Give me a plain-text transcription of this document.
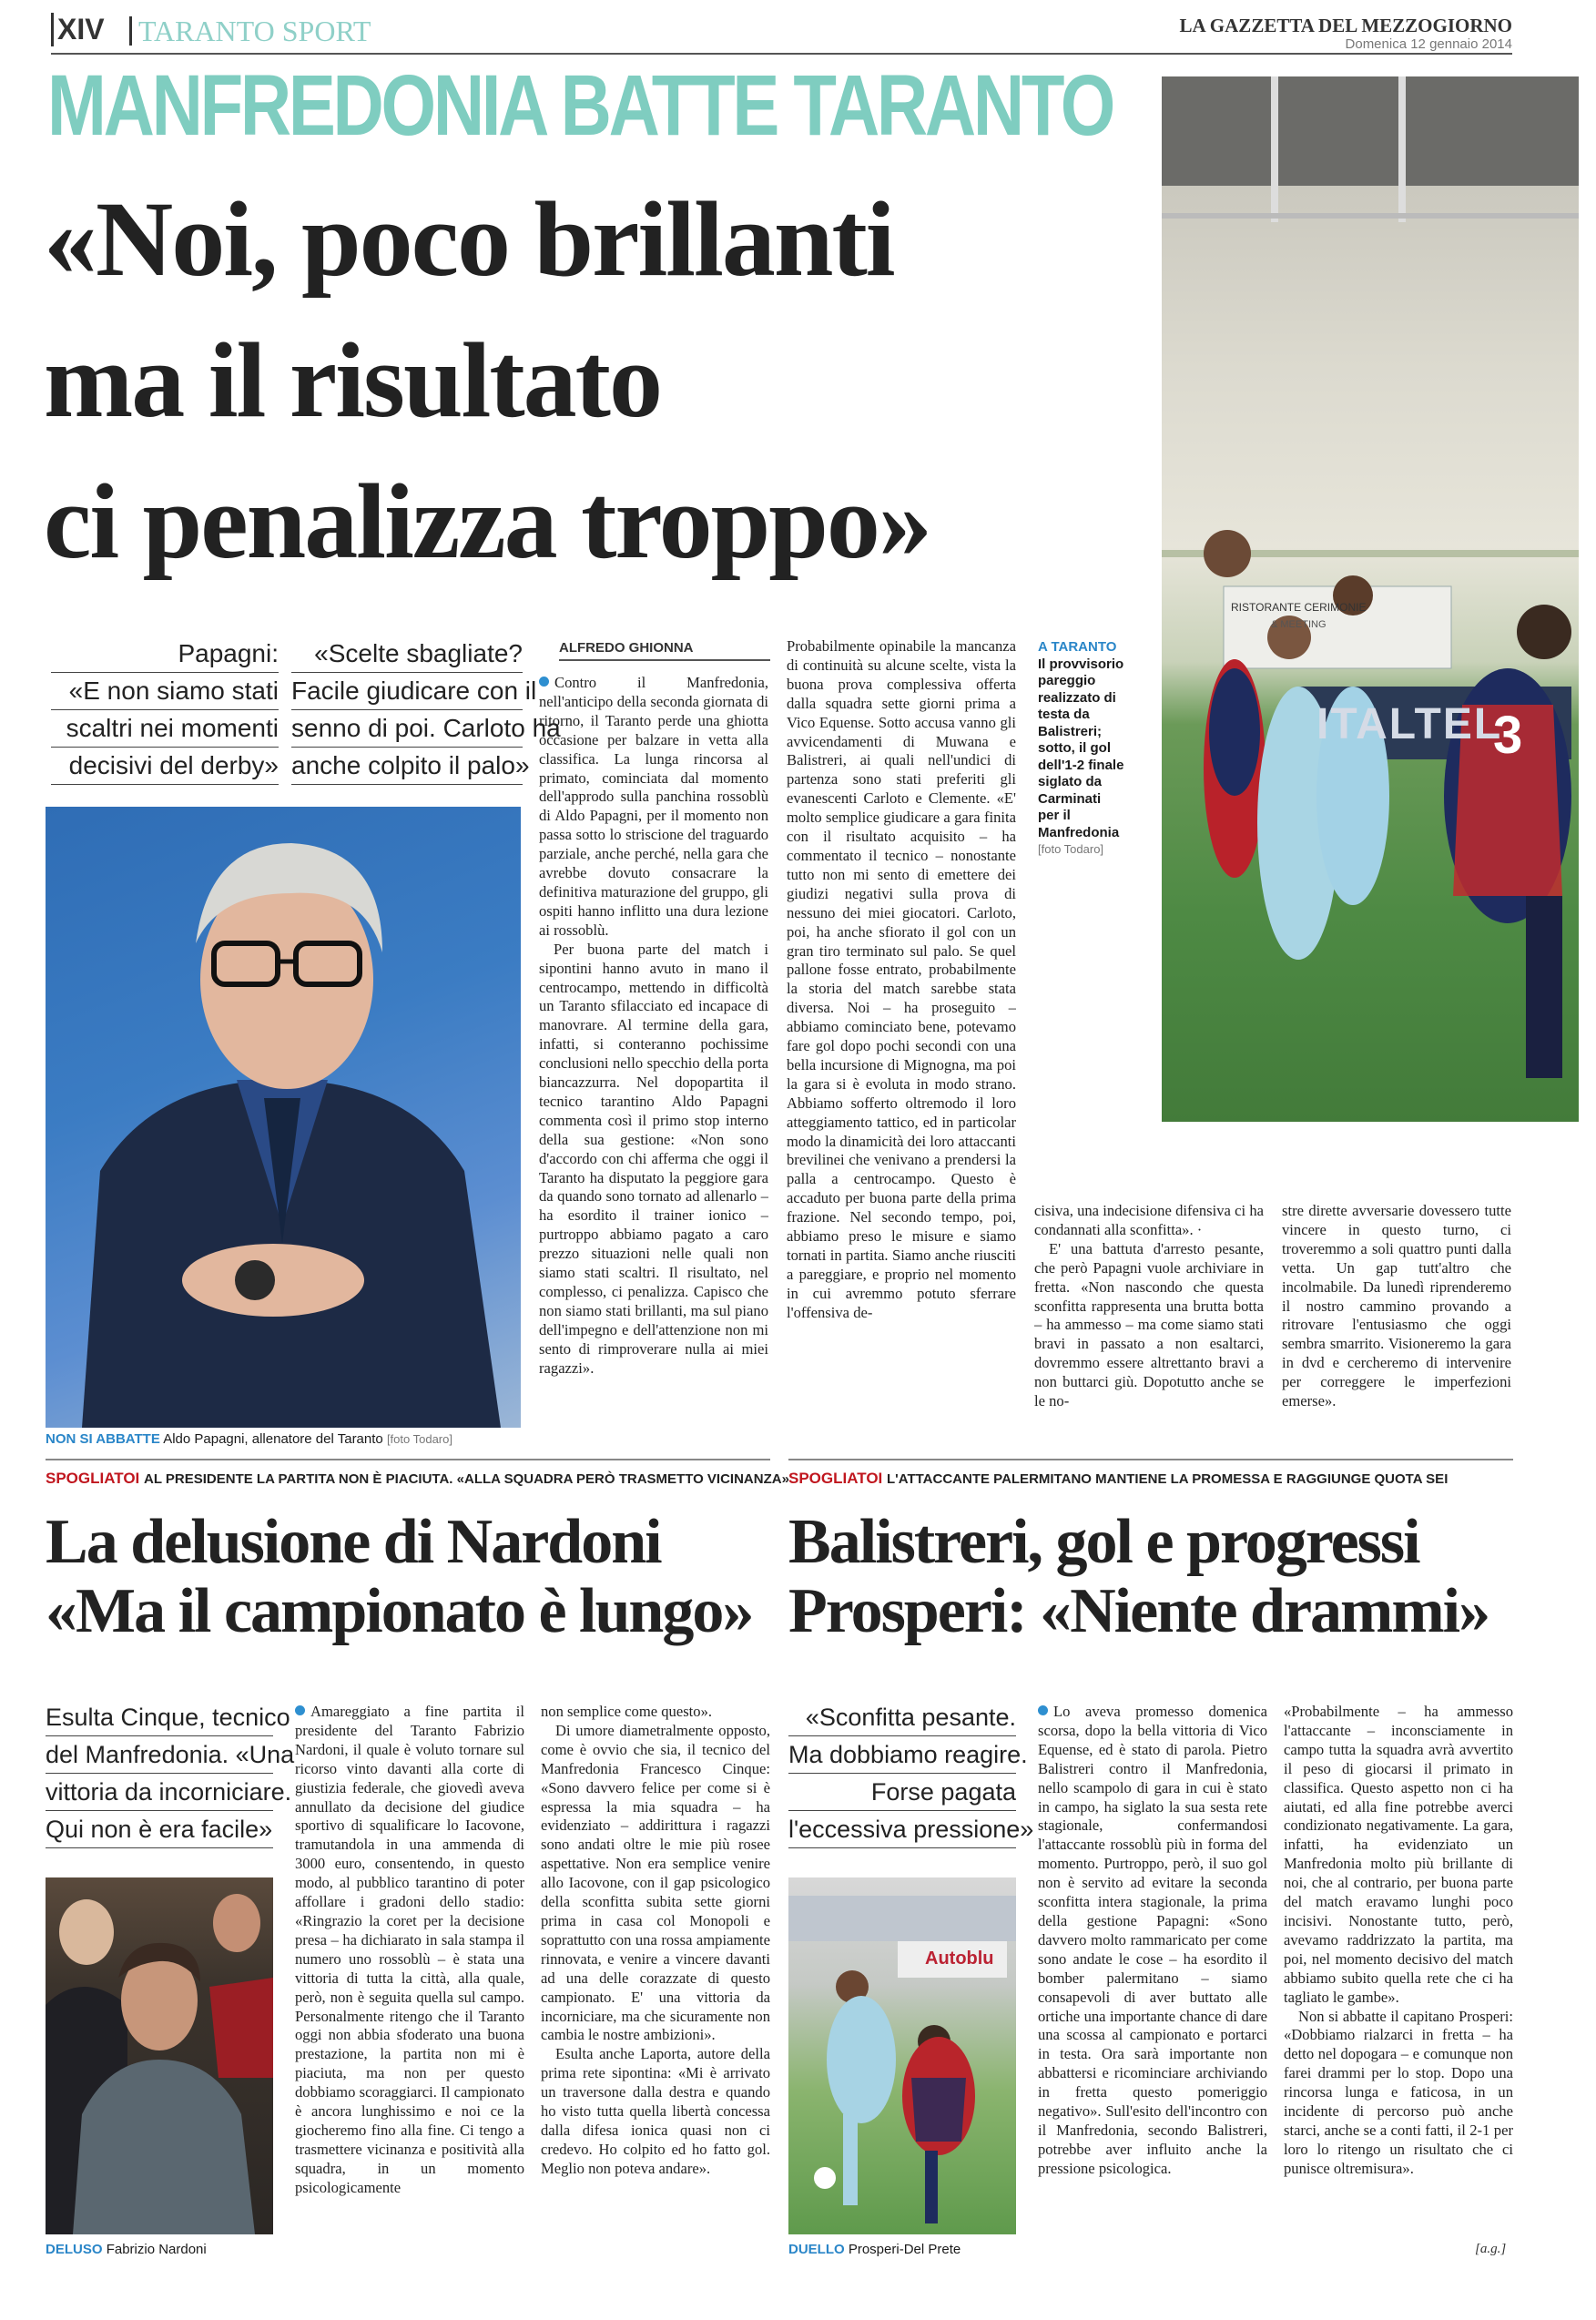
XIV TARANTO SPORT	LA GAZZETTA DEL MEZZOGIORNO
Domenica 12 gennaio 2014
MANFREDONIA BATTE TARANTO
«Noi, poco brillanti
ma il risultato
ci penalizza troppo»
RISTORANTE CERIMONIE
& MEETING
ITALTEL
3
A TARANTO
Il provvisorio
pareggio
realizzato di
testa da
Balistreri;
sotto, il gol
dell'1-2 finale
siglato da
Carminati
per il
Manfredonia
[foto Todaro]
Papagni:
«E non siamo stati
scaltri nei momenti
decisivi del derby»
«Scelte sbagliate?
Facile giudicare con il
senno di poi. Carloto ha
anche colpito il palo»
NON SI ABBATTE Aldo Papagni, allenatore del Taranto [foto Todaro]
ALFREDO GHIONNA

Contro il Manfredonia, nell'anticipo della seconda giornata di ritorno, il Taranto perde una ghiotta occasione per balzare in vetta alla classifica. La lunga rincorsa al primato, cominciata dal momento dell'approdo sulla panchina rossoblù di Aldo Papagni, per il momento non passa sotto lo striscione del traguardo parziale, anche perché, nella gara che avrebbe dovuto consacrare la definitiva maturazione del gruppo, gli ospiti hanno inflitto una dura lezione ai rossoblù.

Per buona parte del match i sipontini hanno avuto in mano il centrocampo, mettendo in difficoltà un Taranto sfilacciato ed incapace di manovrare. Al termine della gara, infatti, si conteranno pochissime conclusioni nello specchio della porta biancazzurra. Nel dopopartita il tecnico tarantino Aldo Papagni commenta così il primo stop interno della sua gestione: «Non sono d'accordo con chi afferma che oggi il Taranto ha disputato la peggiore gara da quando sono tornato ad allenarlo – ha esordito il trainer ionico – purtroppo abbiamo pagato a caro prezzo situazioni nelle quali non siamo stati scaltri. Il risultato, nel complesso, ci penalizza. Capisco che non siamo stati brillanti, ma sul piano dell'impegno e dell'attenzione non mi sento di rimproverare nulla ai miei ragazzi».

Probabilmente opinabile la mancanza di continuità su alcune scelte, vista la buona prova complessiva offerta dalla squadra sette giorni prima a Vico Equense. Sotto accusa vanno gli avvicendamenti di Muwana e Balistreri, ai quali nell'undici di partenza sono stati preferiti gli evanescenti Carloto e Clemente. «E' molto semplice giudicare a gara finita con il risultato acquisito – ha commentato il tecnico – nonostante tutto non mi sento di emettere dei giudizi negativi sulla prova di nessuno dei miei giocatori. Carloto, poi, ha anche sfiorato il gol con un gran tiro terminato sul palo. Se quel pallone fosse entrato, probabilmente la storia del match sarebbe stata diversa. Noi – ha proseguito – abbiamo cominciato bene, potevamo fare gol dopo pochi secondi con una bella incursione di Mignogna, ma poi la gara si è evoluta in modo strano. Abbiamo sofferto oltremodo il loro atteggiamento tattico, ed in particolar modo la dinamicità dei loro attaccanti brevilinei che venivano a prendersi la palla a centrocampo. Questo è accaduto per buona parte della prima frazione. Nel secondo tempo, poi, abbiamo preso le misure e siamo tornati in partita. Siamo anche riusciti a pareggiare, e proprio nel momento in cui avremmo potuto sferrare l'offensiva de-

cisiva, una indecisione difensiva ci ha condannati alla sconfitta». ·

E' una battuta d'arresto pesante, che però Papagni vuole archiviare in fretta. «Non nascondo che questa sconfitta rappresenta una brutta botta – ha ammesso – ma come siamo stati bravi in passato a non esaltarci, dovremmo essere altrettanto bravi a non buttarci giù. Dopotutto anche se le no-

stre dirette avversarie dovessero tutte vincere in questo turno, ci troveremmo a soli quattro punti dalla vetta. Un gap tutt'altro che incolmabile. Da lunedì riprenderemo il nostro cammino provando a ritrovare l'entusiasmo che oggi sembra smarrito. Visioneremo la gara in dvd e cercheremo di intervenire per correggere le imperfezioni emerse».

SPOGLIATOI AL PRESIDENTE LA PARTITA NON È PIACIUTA. «ALLA SQUADRA PERÒ TRASMETTO VICINANZA»
La delusione di Nardoni
«Ma il campionato è lungo»
Esulta Cinque, tecnico
del Manfredonia. «Una
vittoria da incorniciare.
Qui non è era facile»
DELUSO Fabrizio Nardoni

Amareggiato a fine partita il presidente del Taranto Fabrizio Nardoni, il quale è voluto tornare sul ricorso vinto davanti alla corte di giustizia federale, che giovedì aveva annullato da decisione del giudice sportivo di squalificare lo Iacovone, tramutandola in una ammenda di 3000 euro, consentendo, in questo modo, al pubblico tarantino di poter affollare i gradoni dello stadio: «Ringrazio la coret per la decisione presa – ha dichiarato in sala stampa il numero uno rossoblù – è stata una vittoria di tutta la città, alla quale, però, non è seguita quella sul campo. Personalmente ritengo che il Taranto oggi non abbia sfoderato una buona prestazione, la partita non mi è piaciuta, ma non per questo dobbiamo scoraggiarci. Il campionato è ancora lunghissimo e noi ce la giocheremo fino alla fine. Ci tengo a trasmettere vicinanza e positività alla squadra, in un momento psicologicamente

non semplice come questo».

Di umore diametralmente opposto, come è ovvio che sia, il tecnico del Manfredonia Francesco Cinque: «Sono davvero felice per come si è espressa la mia squadra – ha evidenziato – addirittura i ragazzi sono andati oltre le mie più rosee aspettative. Non era semplice venire allo Iacovone, con il gap psicologico della sconfitta subita sette giorni prima in casa col Monopoli e soprattutto con una rossa ampiamente rinnovata, e venire a vincere davanti ad una delle corazzate di questo campionato. E' una vittoria da incorniciare, ma che sicuramente non cambia le nostre ambizioni».

Esulta anche Laporta, autore della prima rete sipontina: «Mi è arrivato un traversone dalla destra e quando ho visto tutta quella libertà concessa dalla difesa ionica quasi non ci credevo. Ho colpito ed ho fatto gol. Meglio non poteva andare».

SPOGLIATOI L'ATTACCANTE PALERMITANO MANTIENE LA PROMESSA E RAGGIUNGE QUOTA SEI
Balistreri, gol e progressi
Prosperi: «Niente drammi»
«Sconfitta pesante.
Ma dobbiamo reagire.
Forse pagata
l'eccessiva pressione»
Autoblu
DUELLO Prosperi-Del Prete

Lo aveva promesso domenica scorsa, dopo la bella vittoria di Vico Equense, ed è stato di parola. Pietro Balistreri contro il Manfredonia, nello scampolo di gara in cui è stato in campo, ha siglato la sua sesta rete stagionale, confermandosi l'attaccante rossoblù più in forma del momento. Purtroppo, però, il suo gol non è servito ad evitare la seconda sconfitta intera stagionale, la prima della gestione Papagni: «Sono davvero molto rammaricato per come sono andate le cose – ha esordito il bomber palermitano – siamo consapevoli di aver buttato alle ortiche una importante chance di dare una scossa al campionato e portarci in testa. Ora sarà importante non abbattersi e ricominciare archiviando in fretta questo pomeriggio negativo». Sull'esito dell'incontro con il Manfredonia, secondo Balistreri, potrebbe aver influito anche la pressione psicologica.

«Probabilmente – ha ammesso l'attaccante – inconsciamente in campo tutta la squadra avrà avvertito il peso di giocarsi il primato in classifica. Questo aspetto non ci ha aiutati, ed alla fine potrebbe averci condizionato negativamente. La gara, infatti, ha evidenziato un Manfredonia molto più brillante di noi, che al contrario, per buona parte del match eravamo lunghi poco incisivi. Nonostante tutto, però, avevamo raddrizzato la partita, ma poi, nel momento decisivo del match abbiamo subito quella rete che ci ha tagliato le gambe».

Non si abbatte il capitano Prosperi: «Dobbiamo rialzarci in fretta – ha detto nel dopogara – e comunque non farei drammi per lo stop. Dopo una rincorsa lunga e faticosa, in un incidente di percorso può anche starci, anche se a conti fatti, il 2-1 per loro lo ritengo un risultato che ci punisce oltremisura».

[a.g.]
